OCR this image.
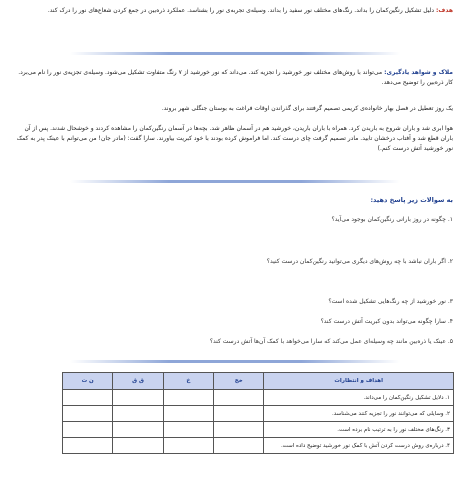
هدف: دلیل تشکیل رنگین‌کمان را بداند. رنگ‌های مختلف نور سفید را بداند. وسیله‌ی تجربه‌ی نور را بشناسد. عملکرد ذره‌بین در جمع کردن شعاع‌های نور را درک کند.
ملاک و شواهد یادگیری: می‌تواند با روش‌های مختلف نور خورشید را تجزیه کند. می‌داند که نور خورشید از ۷ رنگ متفاوت تشکیل می‌شود. وسیله‌ی تجزیه‌ی نور را نام می‌برد. کار ذره‌بین را توضیح می‌دهد.
یک روز تعطیل در فصل بهار خانواده‌ی کریمی تصمیم گرفتند برای گذراندن اوقات فراغت به بوستان جنگلی شهر بروند.
هوا ابری شد و باران شروع به باریدن کرد. همراه با باران باریدن، خورشید هم در آسمان ظاهر شد. بچه‌ها در آسمان رنگین‌کمان را مشاهده کردند و خوشحال شدند. پس از آن باران قطع شد و آفتاب درخشان تابید. مادر تصمیم گرفت چای درست کند. اما فراموش کرده بودند با خود کبریت بیاورند. سارا گفت: (مادر جان! من می‌توانم با عینک پدر به‌ کمک نور خورشید آتش درست کنم.)
به سوالات زیر پاسخ دهید:
۱. چگونه در روز بارانی رنگین‌کمان بوجود می‌آید؟
۲. اگر باران نباشد با چه روش‌های دیگری می‌توانید رنگین‌کمان درست کنید؟
۳. نور خورشید از چه رنگ‌هایی تشکیل شده است؟
۴. سارا چگونه می‌تواند بدون کبریت آتش درست کند؟
۵. عینک یا ذره‌بین مانند چه وسیله‌ای عمل می‌کند که سارا می‌خواهد با کمک آن‌ها آتش درست کند؟
اهداف و انتظارات	خخ	خ	ق ق	ن ت
۱. دلایل تشکیل رنگین‌کمان را می‌داند.				
۲. وسایلی که می‌توانند نور را تجزیه کنند می‌شناسد.				
۳. رنگ‌های مختلف نور را به ترتیب نام برده است.				
۴. درباره‌ی روش درست کردن آتش با کمک نور خورشید توضیح داده است.				
